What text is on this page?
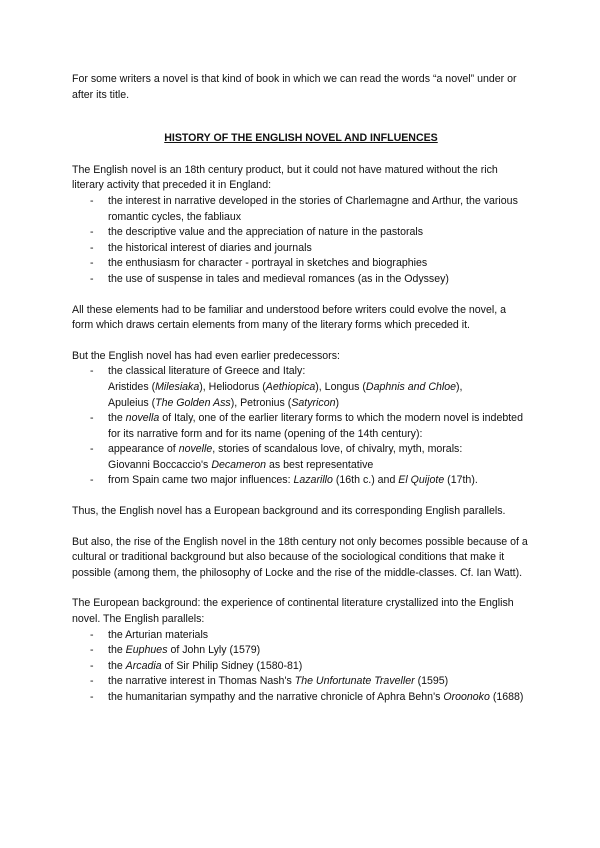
For some writers a novel is that kind of book in which we can read the words “a novel” under or after its title.

HISTORY OF THE ENGLISH NOVEL AND INFLUENCES

The English novel is an 18th century product, but it could not have matured without the rich literary activity that preceded it in England:

- the interest in narrative developed in the stories of Charlemagne and Arthur, the various romantic cycles, the fabliaux
- the descriptive value and the appreciation of nature in the pastorals
- the historical interest of diaries and journals
- the enthusiasm for character - portrayal in sketches and biographies
- the use of suspense in tales and medieval romances (as in the Odyssey)

All these elements had to be familiar and understood before writers could evolve the novel, a form which draws certain elements from many of the literary forms which preceded it.

But the English novel has had even earlier predecessors:

- the classical literature of Greece and Italy:
Aristides (Milesiaka), Heliodorus (Aethiopica), Longus (Daphnis and Chloe),
Apuleius (The Golden Ass), Petronius (Satyricon)
- the novella of Italy, one of the earlier literary forms to which the modern novel is indebted for its narrative form and for its name (opening of the 14th century):
- appearance of novelle, stories of scandalous love, of chivalry, myth, morals:
Giovanni Boccaccio's Decameron as best representative
- from Spain came two major influences: Lazarillo (16th c.) and El Quijote (17th).

Thus, the English novel has a European background and its corresponding English parallels.

But also, the rise of the English novel in the 18th century not only becomes possible because of a cultural or traditional background but also because of the sociological conditions that make it possible (among them, the philosophy of Locke and the rise of the middle-classes. Cf. Ian Watt).

The European background: the experience of continental literature crystallized into the English novel. The English parallels:

- the Arturian materials
- the Euphues of John Lyly (1579)
- the Arcadia of Sir Philip Sidney (1580-81)
- the narrative interest in Thomas Nash's The Unfortunate Traveller (1595)
- the humanitarian sympathy and the narrative chronicle of Aphra Behn's Oroonoko (1688)
